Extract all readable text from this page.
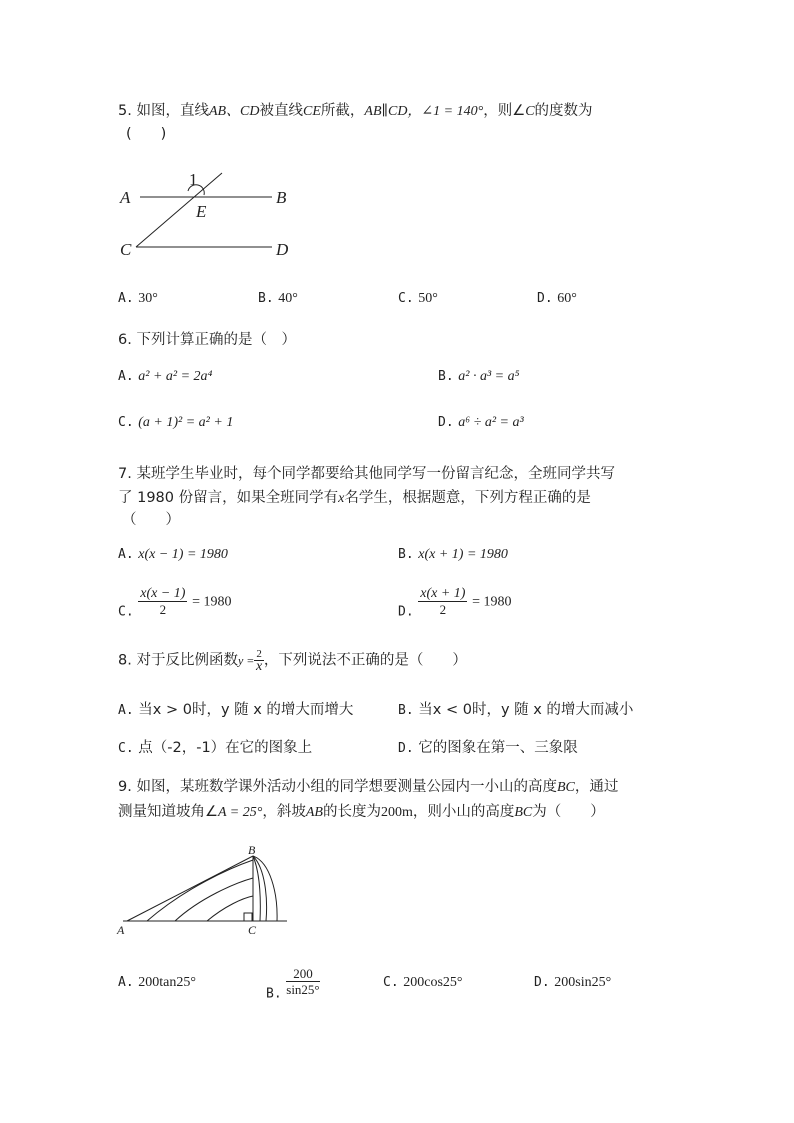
5. 如图，直线AB、CD被直线CE所截，AB∥CD，∠1 = 140°，则∠C的度数为
(　　)
A	B
C	D
E
1
A. 30°	B. 40°	C. 50°	D. 60°
6. 下列计算正确的是（　）
A. a² + a² = 2a⁴	B. a² · a³ = a⁵
C. (a + 1)² = a² + 1	D. a⁶ ÷ a² = a³
7. 某班学生毕业时，每个同学都要给其他同学写一份留言纪念，全班同学共写
了 1980 份留言，如果全班同学有x名学生，根据题意，下列方程正确的是
（　　）
A. x(x − 1) = 1980	B. x(x + 1) = 1980
C. $\frac{x(x - 1)}{2} = 1980$
D. $\frac{x(x + 1)}{2} = 1980$
8. 对于反比例函数$y = \frac{2}{x}$ ，下列说法不正确的是（　　）
A. 当x > 0时，y 随 x 的增大而增大	B. 当x < 0时，y 随 x 的增大而减小
C. 点（-2，-1）在它的图象上	D. 它的图象在第一、三象限
9. 如图，某班数学课外活动小组的同学想要测量公园内一小山的高度BC，通过
测量知道坡角∠A = 25°，斜坡AB的长度为200m，则小山的高度BC为（　　）
A
B
C
A. 200tan25°
B. $\frac{200}{\sin 25^\circ}$	C. 200cos25°	D. 200sin25°
